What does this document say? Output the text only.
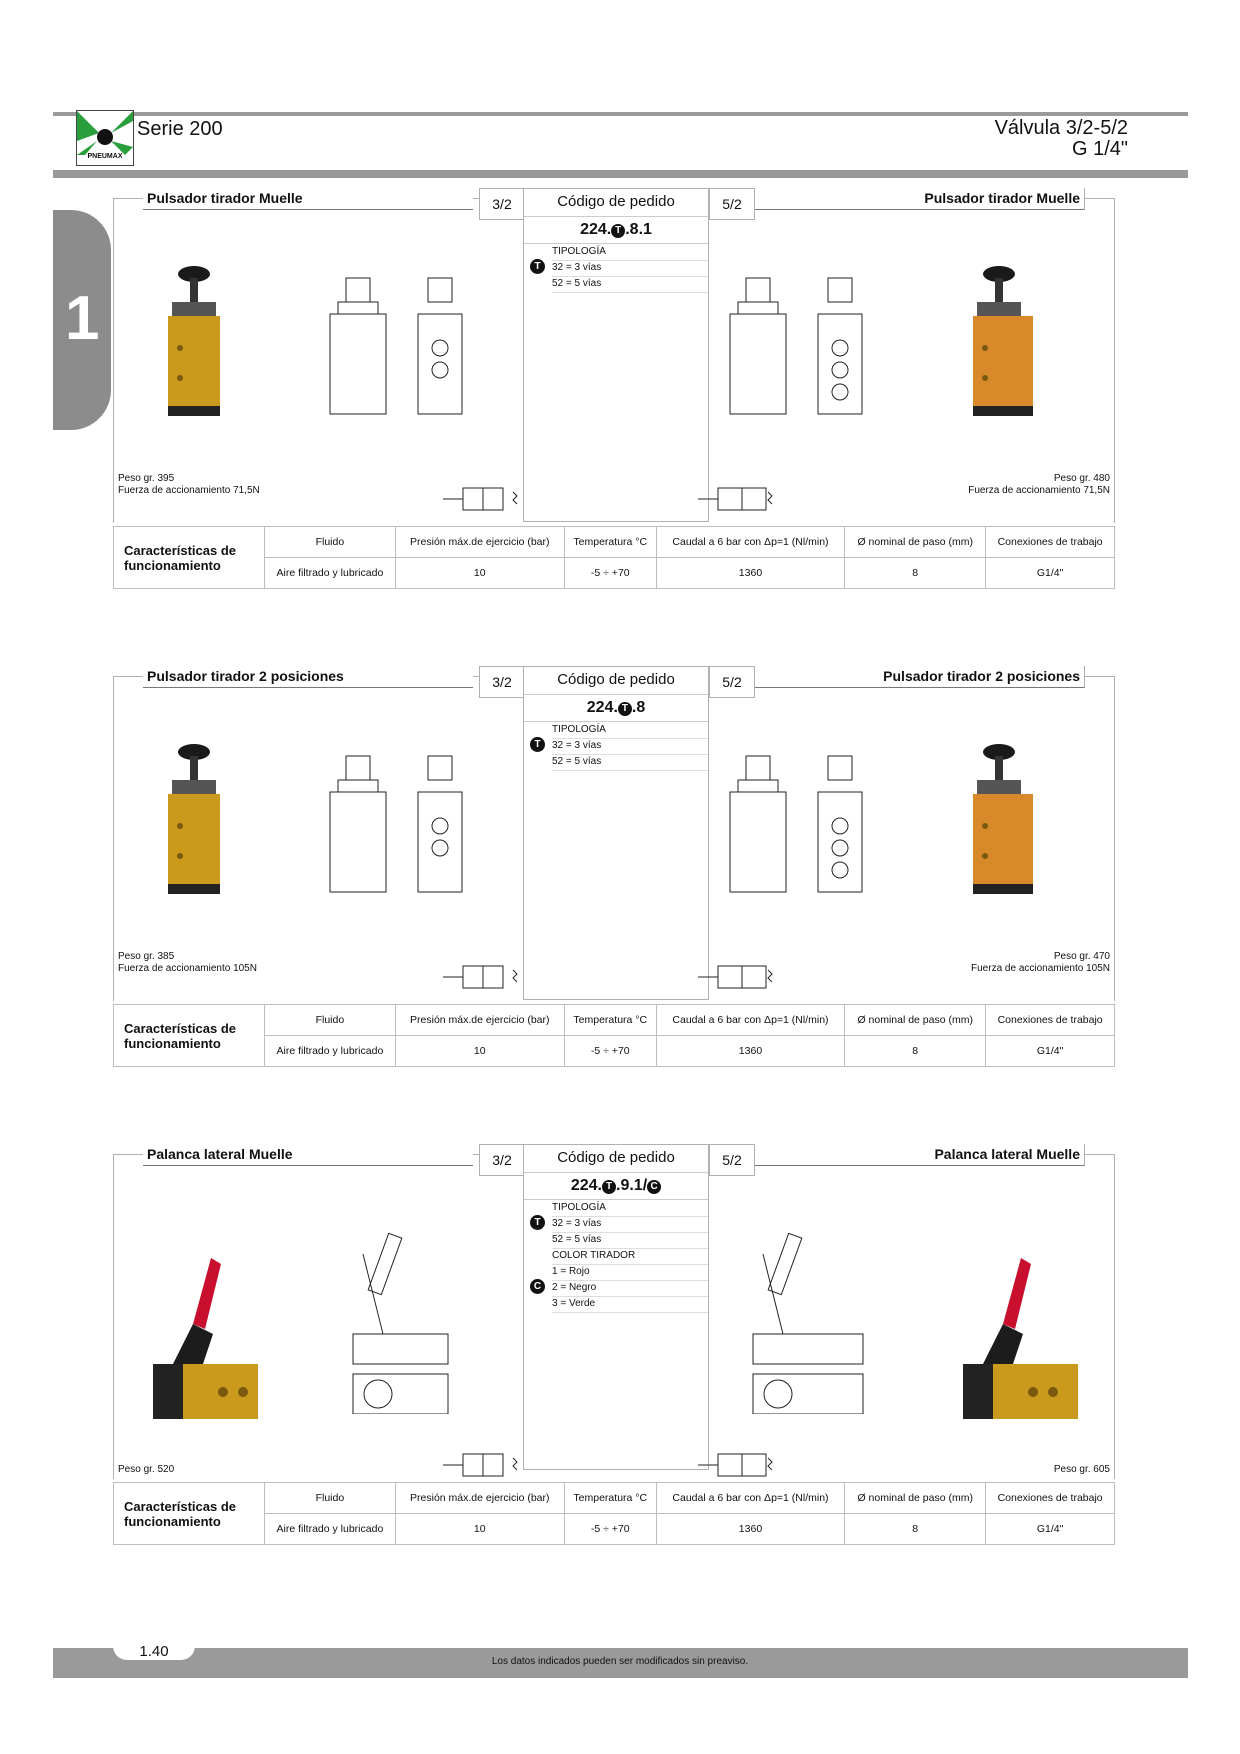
PNEUMAX
Serie 200	Válvula 3/2-5/2
G 1/4"
1
Pulsador tirador Muelle	Pulsador tirador Muelle
3/2	5/2
Código de pedido
224. T .8.1
T
TIPOLOGÍA
32 = 3 vías
52 = 5 vías
Peso gr. 395	Peso gr. 480
Fuerza de accionamiento 71,5N	Fuerza de accionamiento 71,5N
Características de funcionamiento	Fluido	Presión máx.de ejercicio (bar)	Temperatura °C	Caudal a 6 bar con Δp=1 (Nl/min)	Ø nominal de paso (mm)	Conexiones de trabajo
	Aire filtrado y lubricado	10	-5 ÷ +70	1360	8	G1/4"
Pulsador tirador 2 posiciones	Pulsador tirador 2 posiciones
3/2	5/2
Código de pedido
224. T .8
T
TIPOLOGÍA
32 = 3 vías
52 = 5 vías
Peso gr. 385	Peso gr. 470
Fuerza de accionamiento 105N	Fuerza de accionamiento 105N
Características de funcionamiento	Fluido	Presión máx.de ejercicio (bar)	Temperatura °C	Caudal a 6 bar con Δp=1 (Nl/min)	Ø nominal de paso (mm)	Conexiones de trabajo
	Aire filtrado y lubricado	10	-5 ÷ +70	1360	8	G1/4"
Palanca lateral Muelle	Palanca lateral Muelle
3/2	5/2
Código de pedido
224. T .9.1/ C
T
TIPOLOGÍA
32 = 3 vías
52 = 5 vías
C
COLOR TIRADOR
1 = Rojo
2 = Negro
3 = Verde
Peso gr. 520	Peso gr. 605
Características de funcionamiento	Fluido	Presión máx.de ejercicio (bar)	Temperatura °C	Caudal a 6 bar con Δp=1 (Nl/min)	Ø nominal de paso (mm)	Conexiones de trabajo
	Aire filtrado y lubricado	10	-5 ÷ +70	1360	8	G1/4"
1.40
Los datos indicados pueden ser modificados sin preaviso.
